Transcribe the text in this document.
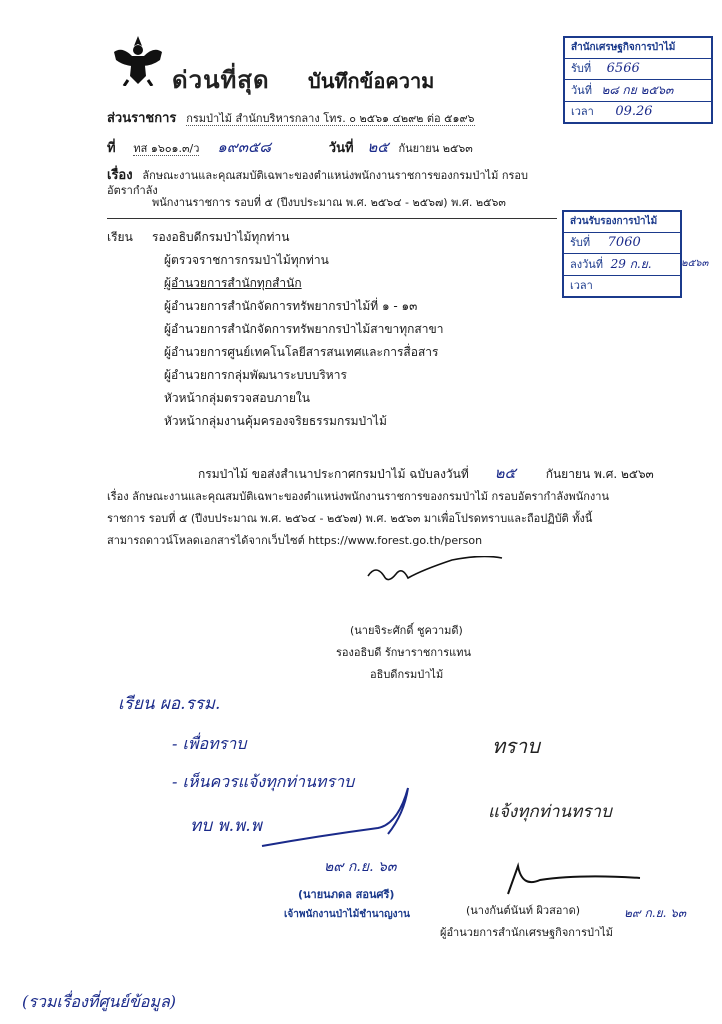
ด่วนที่สุด บันทึกข้อความ
สำนักเศรษฐกิจการป่าไม้
รับที่ 6566
วันที่ ๒๘ กย ๒๕๖๓
เวลา 09.26
ส่วนราชการ กรมป่าไม้ สำนักบริหารกลาง โทร. ๐ ๒๕๖๑ ๔๒๙๒ ต่อ ๕๑๙๖
ที่ ทส ๑๖๐๑.๓/ว ๑๙๓๕๘	วันที่ ๒๕ กันยายน ๒๕๖๓
เรื่อง ลักษณะงานและคุณสมบัติเฉพาะของตำแหน่งพนักงานราชการของกรมป่าไม้ กรอบอัตรากำลัง
พนักงานราชการ รอบที่ ๕ (ปีงบประมาณ พ.ศ. ๒๕๖๔ - ๒๕๖๗) พ.ศ. ๒๕๖๓
ส่วนรับรองการป่าไม้
รับที่ 7060
ลงวันที่ 29 ก.ย.
เวลา
๒๕๖๓
เรียน รองอธิบดีกรมป่าไม้ทุกท่าน
ผู้ตรวจราชการกรมป่าไม้ทุกท่าน
ผู้อำนวยการสำนักทุกสำนัก
ผู้อำนวยการสำนักจัดการทรัพยากรป่าไม้ที่ ๑ - ๑๓
ผู้อำนวยการสำนักจัดการทรัพยากรป่าไม้สาขาทุกสาขา
ผู้อำนวยการศูนย์เทคโนโลยีสารสนเทศและการสื่อสาร
ผู้อำนวยการกลุ่มพัฒนาระบบบริหาร
หัวหน้ากลุ่มตรวจสอบภายใน
หัวหน้ากลุ่มงานคุ้มครองจริยธรรมกรมป่าไม้
กรมป่าไม้ ขอส่งสำเนาประกาศกรมป่าไม้ ฉบับลงวันที่ ๒๕ กันยายน พ.ศ. ๒๕๖๓
เรื่อง ลักษณะงานและคุณสมบัติเฉพาะของตำแหน่งพนักงานราชการของกรมป่าไม้ กรอบอัตรากำลังพนักงาน
ราชการ รอบที่ ๕ (ปีงบประมาณ พ.ศ. ๒๕๖๔ - ๒๕๖๗) พ.ศ. ๒๕๖๓ มาเพื่อโปรดทราบและถือปฏิบัติ ทั้งนี้
สามารถดาวน์โหลดเอกสารได้จากเว็บไซต์ https://www.forest.go.th/person
(นายจิระศักดิ์ ชูความดี)
รองอธิบดี รักษาราชการแทน
อธิบดีกรมป่าไม้
เรียน ผอ.รรม.
- เพื่อทราบ
- เห็นควรแจ้งทุกท่านทราบ
ทบ พ.พ.พ
๒๙ ก.ย. ๖๓
(นายนภดล สอนศรี)
เจ้าพนักงานป่าไม้ชำนาญงาน
ทราบ
แจ้งทุกท่านทราบ
(นางกันต์นันท์ ผิวสอาด)	๒๙ ก.ย. ๖๓
ผู้อำนวยการสำนักเศรษฐกิจการป่าไม้
(รวมเรื่องที่ศูนย์ข้อมูล)
